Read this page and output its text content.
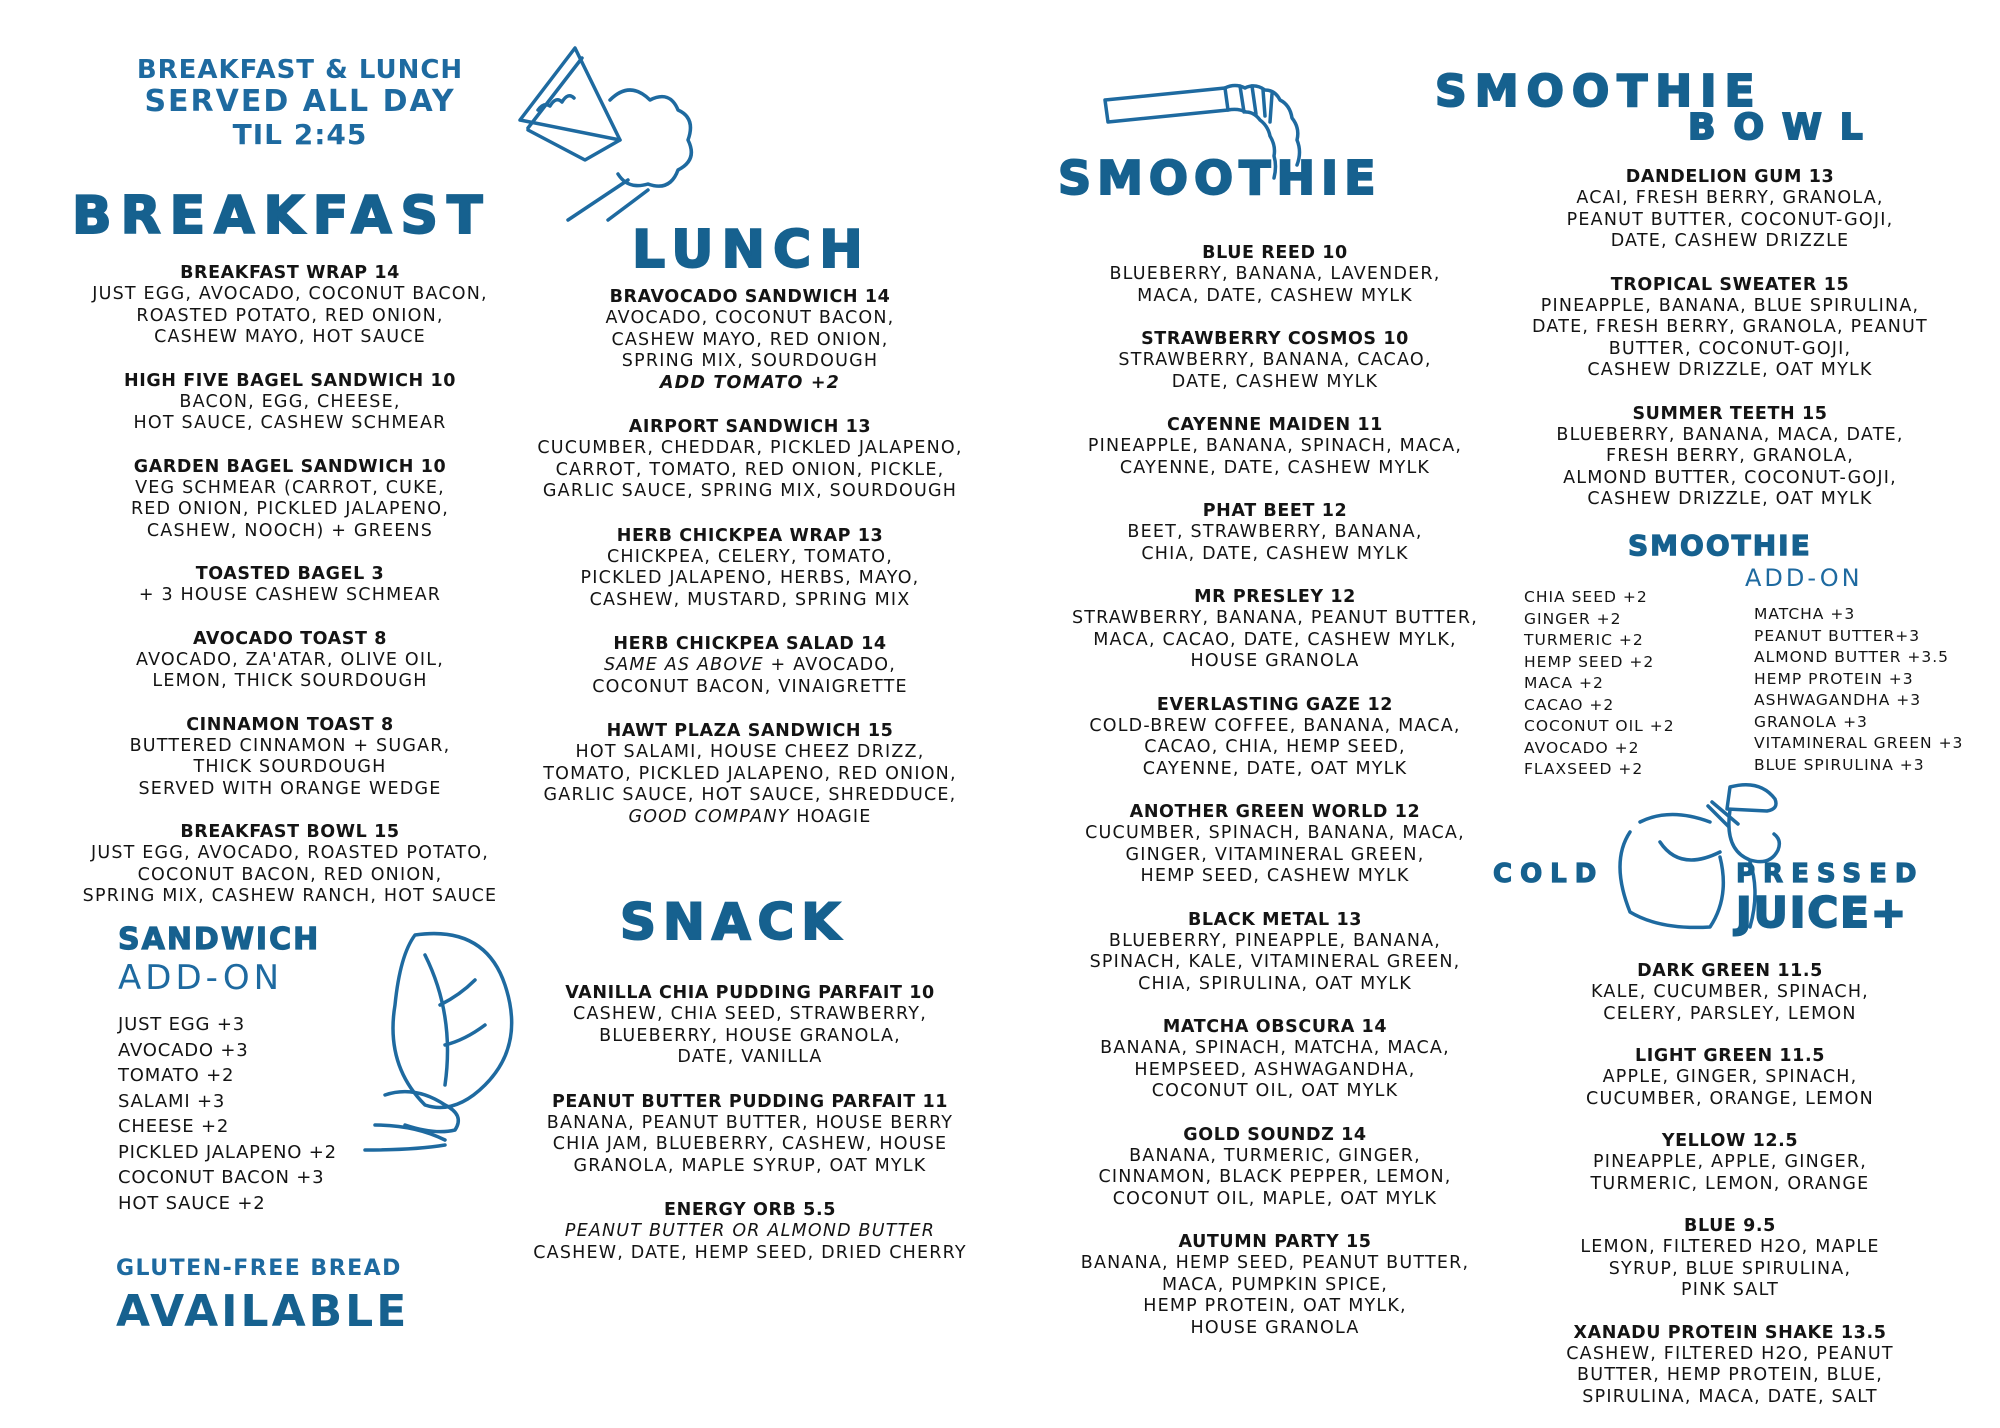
BREAKFAST & LUNCH
SERVED ALL DAY
TIL 2:45
BREAKFAST
BREAKFAST WRAP 14
JUST EGG, AVOCADO, COCONUT BACON,
ROASTED POTATO, RED ONION,
CASHEW MAYO, HOT SAUCE
HIGH FIVE BAGEL SANDWICH 10
BACON, EGG, CHEESE,
HOT SAUCE, CASHEW SCHMEAR
GARDEN BAGEL SANDWICH 10
VEG SCHMEAR (CARROT, CUKE,
RED ONION, PICKLED JALAPENO,
CASHEW, NOOCH) + GREENS
TOASTED BAGEL 3
+ 3 HOUSE CASHEW SCHMEAR
AVOCADO TOAST 8
AVOCADO, ZA'ATAR, OLIVE OIL,
LEMON, THICK SOURDOUGH
CINNAMON TOAST 8
BUTTERED CINNAMON + SUGAR,
THICK SOURDOUGH
SERVED WITH ORANGE WEDGE
BREAKFAST BOWL 15
JUST EGG, AVOCADO, ROASTED POTATO,
COCONUT BACON, RED ONION,
SPRING MIX, CASHEW RANCH, HOT SAUCE
SANDWICH
ADD-ON
JUST EGG +3
AVOCADO +3
TOMATO +2
SALAMI +3
CHEESE +2
PICKLED JALAPENO +2
COCONUT BACON +3
HOT SAUCE +2
GLUTEN-FREE BREAD
AVAILABLE
LUNCH
BRAVOCADO SANDWICH 14
AVOCADO, COCONUT BACON,
CASHEW MAYO, RED ONION,
SPRING MIX, SOURDOUGH
ADD TOMATO +2
AIRPORT SANDWICH 13
CUCUMBER, CHEDDAR, PICKLED JALAPENO,
CARROT, TOMATO, RED ONION, PICKLE,
GARLIC SAUCE, SPRING MIX, SOURDOUGH
HERB CHICKPEA WRAP 13
CHICKPEA, CELERY, TOMATO,
PICKLED JALAPENO, HERBS, MAYO,
CASHEW, MUSTARD, SPRING MIX
HERB CHICKPEA SALAD 14
SAME AS ABOVE + AVOCADO,
COCONUT BACON, VINAIGRETTE
HAWT PLAZA SANDWICH 15
HOT SALAMI, HOUSE CHEEZ DRIZZ,
TOMATO, PICKLED JALAPENO, RED ONION,
GARLIC SAUCE, HOT SAUCE, SHREDDUCE,
GOOD COMPANY HOAGIE
SNACK
VANILLA CHIA PUDDING PARFAIT 10
CASHEW, CHIA SEED, STRAWBERRY,
BLUEBERRY, HOUSE GRANOLA,
DATE, VANILLA
PEANUT BUTTER PUDDING PARFAIT 11
BANANA, PEANUT BUTTER, HOUSE BERRY
CHIA JAM, BLUEBERRY, CASHEW, HOUSE
GRANOLA, MAPLE SYRUP, OAT MYLK
ENERGY ORB 5.5
PEANUT BUTTER OR ALMOND BUTTER
CASHEW, DATE, HEMP SEED, DRIED CHERRY
SMOOTHIE
BLUE REED 10
BLUEBERRY, BANANA, LAVENDER,
MACA, DATE, CASHEW MYLK
STRAWBERRY COSMOS 10
STRAWBERRY, BANANA, CACAO,
DATE, CASHEW MYLK
CAYENNE MAIDEN 11
PINEAPPLE, BANANA, SPINACH, MACA,
CAYENNE, DATE, CASHEW MYLK
PHAT BEET 12
BEET, STRAWBERRY, BANANA,
CHIA, DATE, CASHEW MYLK
MR PRESLEY 12
STRAWBERRY, BANANA, PEANUT BUTTER,
MACA, CACAO, DATE, CASHEW MYLK,
HOUSE GRANOLA
EVERLASTING GAZE 12
COLD-BREW COFFEE, BANANA, MACA,
CACAO, CHIA, HEMP SEED,
CAYENNE, DATE, OAT MYLK
ANOTHER GREEN WORLD 12
CUCUMBER, SPINACH, BANANA, MACA,
GINGER, VITAMINERAL GREEN,
HEMP SEED, CASHEW MYLK
BLACK METAL 13
BLUEBERRY, PINEAPPLE, BANANA,
SPINACH, KALE, VITAMINERAL GREEN,
CHIA, SPIRULINA, OAT MYLK
MATCHA OBSCURA 14
BANANA, SPINACH, MATCHA, MACA,
HEMPSEED, ASHWAGANDHA,
COCONUT OIL, OAT MYLK
GOLD SOUNDZ 14
BANANA, TURMERIC, GINGER,
CINNAMON, BLACK PEPPER, LEMON,
COCONUT OIL, MAPLE, OAT MYLK
AUTUMN PARTY 15
BANANA, HEMP SEED, PEANUT BUTTER,
MACA, PUMPKIN SPICE,
HEMP PROTEIN, OAT MYLK,
HOUSE GRANOLA
SMOOTHIE
BOWL
DANDELION GUM 13
ACAI, FRESH BERRY, GRANOLA,
PEANUT BUTTER, COCONUT-GOJI,
DATE, CASHEW DRIZZLE
TROPICAL SWEATER 15
PINEAPPLE, BANANA, BLUE SPIRULINA,
DATE, FRESH BERRY, GRANOLA, PEANUT
BUTTER, COCONUT-GOJI,
CASHEW DRIZZLE, OAT MYLK
SUMMER TEETH 15
BLUEBERRY, BANANA, MACA, DATE,
FRESH BERRY, GRANOLA,
ALMOND BUTTER, COCONUT-GOJI,
CASHEW DRIZZLE, OAT MYLK
SMOOTHIE
ADD-ON
CHIA SEED +2
GINGER +2
TURMERIC +2
HEMP SEED +2
MACA +2
CACAO +2
COCONUT OIL +2
AVOCADO +2
FLAXSEED +2
MATCHA +3
PEANUT BUTTER+3
ALMOND BUTTER +3.5
HEMP PROTEIN +3
ASHWAGANDHA +3
GRANOLA +3
VITAMINERAL GREEN +3
BLUE SPIRULINA +3
COLD	PRESSED
JUICE+
DARK GREEN 11.5
KALE, CUCUMBER, SPINACH,
CELERY, PARSLEY, LEMON
LIGHT GREEN 11.5
APPLE, GINGER, SPINACH,
CUCUMBER, ORANGE, LEMON
YELLOW 12.5
PINEAPPLE, APPLE, GINGER,
TURMERIC, LEMON, ORANGE
BLUE 9.5
LEMON, FILTERED H2O, MAPLE
SYRUP, BLUE SPIRULINA,
PINK SALT
XANADU PROTEIN SHAKE 13.5
CASHEW, FILTERED H2O, PEANUT
BUTTER, HEMP PROTEIN, BLUE,
SPIRULINA, MACA, DATE, SALT
